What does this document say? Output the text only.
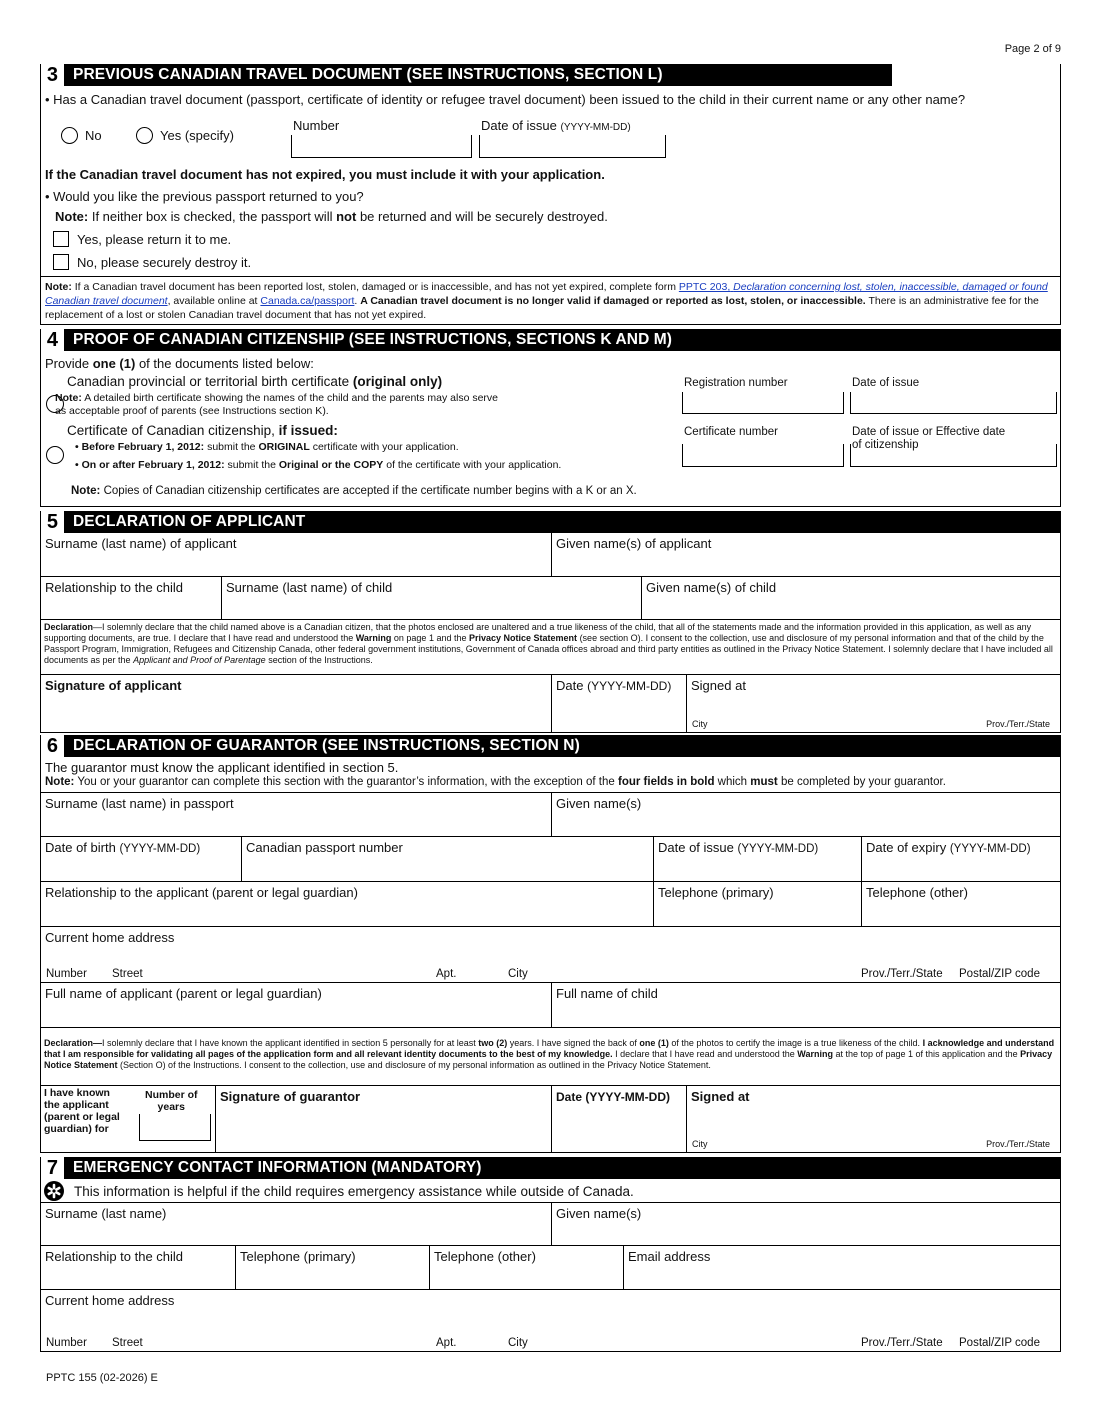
Page 2 of 9
3 PREVIOUS CANADIAN TRAVEL DOCUMENT (SEE INSTRUCTIONS, SECTION L)
• Has a Canadian travel document (passport, certificate of identity or refugee travel document) been issued to the child in their current name or any other name?
No	Yes (specify)
Number	Date of issue (YYYY-MM-DD)
If the Canadian travel document has not expired, you must include it with your application.
• Would you like the previous passport returned to you?
Note: If neither box is checked, the passport will not be returned and will be securely destroyed.
Yes, please return it to me.
No, please securely destroy it.
Note: If a Canadian travel document has been reported lost, stolen, damaged or is inaccessible, and has not yet expired, complete form PPTC 203, Declaration concerning lost, stolen, inaccessible, damaged or found Canadian travel document, available online at Canada.ca/passport. A Canadian travel document is no longer valid if damaged or reported as lost, stolen, or inaccessible. There is an administrative fee for the replacement of a lost or stolen Canadian travel document that has not yet expired.
4 PROOF OF CANADIAN CITIZENSHIP (SEE INSTRUCTIONS, SECTIONS K AND M)
Provide one (1) of the documents listed below:
Canadian provincial or territorial birth certificate (original only)
Note: A detailed birth certificate showing the names of the child and the parents may also serve
as acceptable proof of parents (see Instructions section K).
Registration number	Date of issue
Certificate of Canadian citizenship, if issued:
• Before February 1, 2012: submit the ORIGINAL certificate with your application.
• On or after February 1, 2012: submit the Original or the COPY of the certificate with your application.
Certificate number	Date of issue or Effective date
of citizenship
Note: Copies of Canadian citizenship certificates are accepted if the certificate number begins with a K or an X.
5 DECLARATION OF APPLICANT
Surname (last name) of applicant	Given name(s) of applicant
Relationship to the child	Surname (last name) of child	Given name(s) of child
Declaration—I solemnly declare that the child named above is a Canadian citizen, that the photos enclosed are unaltered and a true likeness of the child, that all of the statements made and the information provided in this application, as well as any supporting documents, are true. I declare that I have read and understood the Warning on page 1 and the Privacy Notice Statement (see section O). I consent to the collection, use and disclosure of my personal information and that of the child by the Passport Program, Immigration, Refugees and Citizenship Canada, other federal government institutions, Government of Canada offices abroad and third party entities as outlined in the Privacy Notice Statement. I solemnly declare that I have included all documents as per the Applicant and Proof of Parentage section of the Instructions.
Signature of applicant	Date (YYYY-MM-DD)	Signed at
City	Prov./Terr./State
6 DECLARATION OF GUARANTOR (SEE INSTRUCTIONS, SECTION N)
The guarantor must know the applicant identified in section 5.
Note: You or your guarantor can complete this section with the guarantor’s information, with the exception of the four fields in bold which must be completed by your guarantor.
Surname (last name) in passport	Given name(s)
Date of birth (YYYY-MM-DD)	Canadian passport number	Date of issue (YYYY-MM-DD)	Date of expiry (YYYY-MM-DD)
Relationship to the applicant (parent or legal guardian)	Telephone (primary)	Telephone (other)
Current home address
Number Street	Apt.	City	Prov./Terr./State Postal/ZIP code
Full name of applicant (parent or legal guardian)	Full name of child
Declaration—I solemnly declare that I have known the applicant identified in section 5 personally for at least two (2) years. I have signed the back of one (1) of the photos to certify the image is a true likeness of the child. I acknowledge and understand that I am responsible for validating all pages of the application form and all relevant identity documents to the best of my knowledge. I declare that I have read and understood the Warning at the top of page 1 of this application and the Privacy Notice Statement (Section O) of the Instructions. I consent to the collection, use and disclosure of my personal information as outlined in the Privacy Notice Statement.
I have known
the applicant
(parent or legal
guardian) for
Number of
years
Signature of guarantor	Date (YYYY-MM-DD)	Signed at
City	Prov./Terr./State
7 EMERGENCY CONTACT INFORMATION (MANDATORY)
This information is helpful if the child requires emergency assistance while outside of Canada.
Surname (last name)	Given name(s)
Relationship to the child	Telephone (primary)	Telephone (other)	Email address
Current home address
Number Street	Apt.	City	Prov./Terr./State Postal/ZIP code
PPTC 155 (02-2026) E
